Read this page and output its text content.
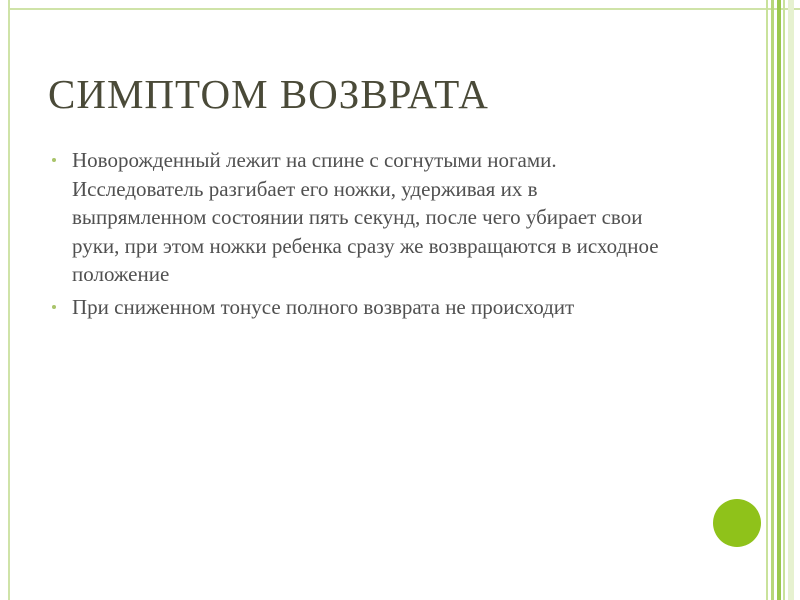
СИМПТОМ ВОЗВРАТА
Новорожденный лежит на спине с согнутыми ногами. Исследователь разгибает его ножки, удерживая их в выпрямленном состоянии пять секунд, после чего убирает свои руки, при этом ножки ребенка сразу же возвращаются в исходное положение
При сниженном тонусе полного возврата не происходит
